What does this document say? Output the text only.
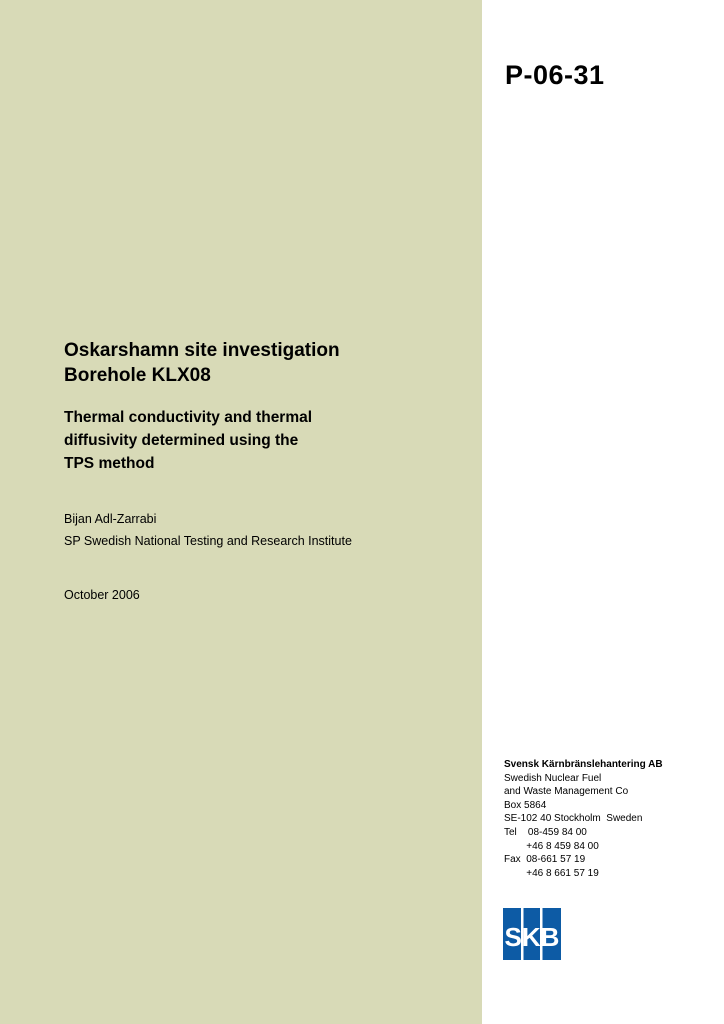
P-06-31
Oskarshamn site investigation
Borehole KLX08
Thermal conductivity and thermal
diffusivity determined using the
TPS method
Bijan Adl-Zarrabi
SP Swedish National Testing and Research Institute
October 2006
Svensk Kärnbränslehantering AB
Swedish Nuclear Fuel
and Waste Management Co
Box 5864
SE-102 40 Stockholm  Sweden
Tel    08-459 84 00
+46 8 459 84 00
Fax  08-661 57 19
+46 8 661 57 19
SKB
